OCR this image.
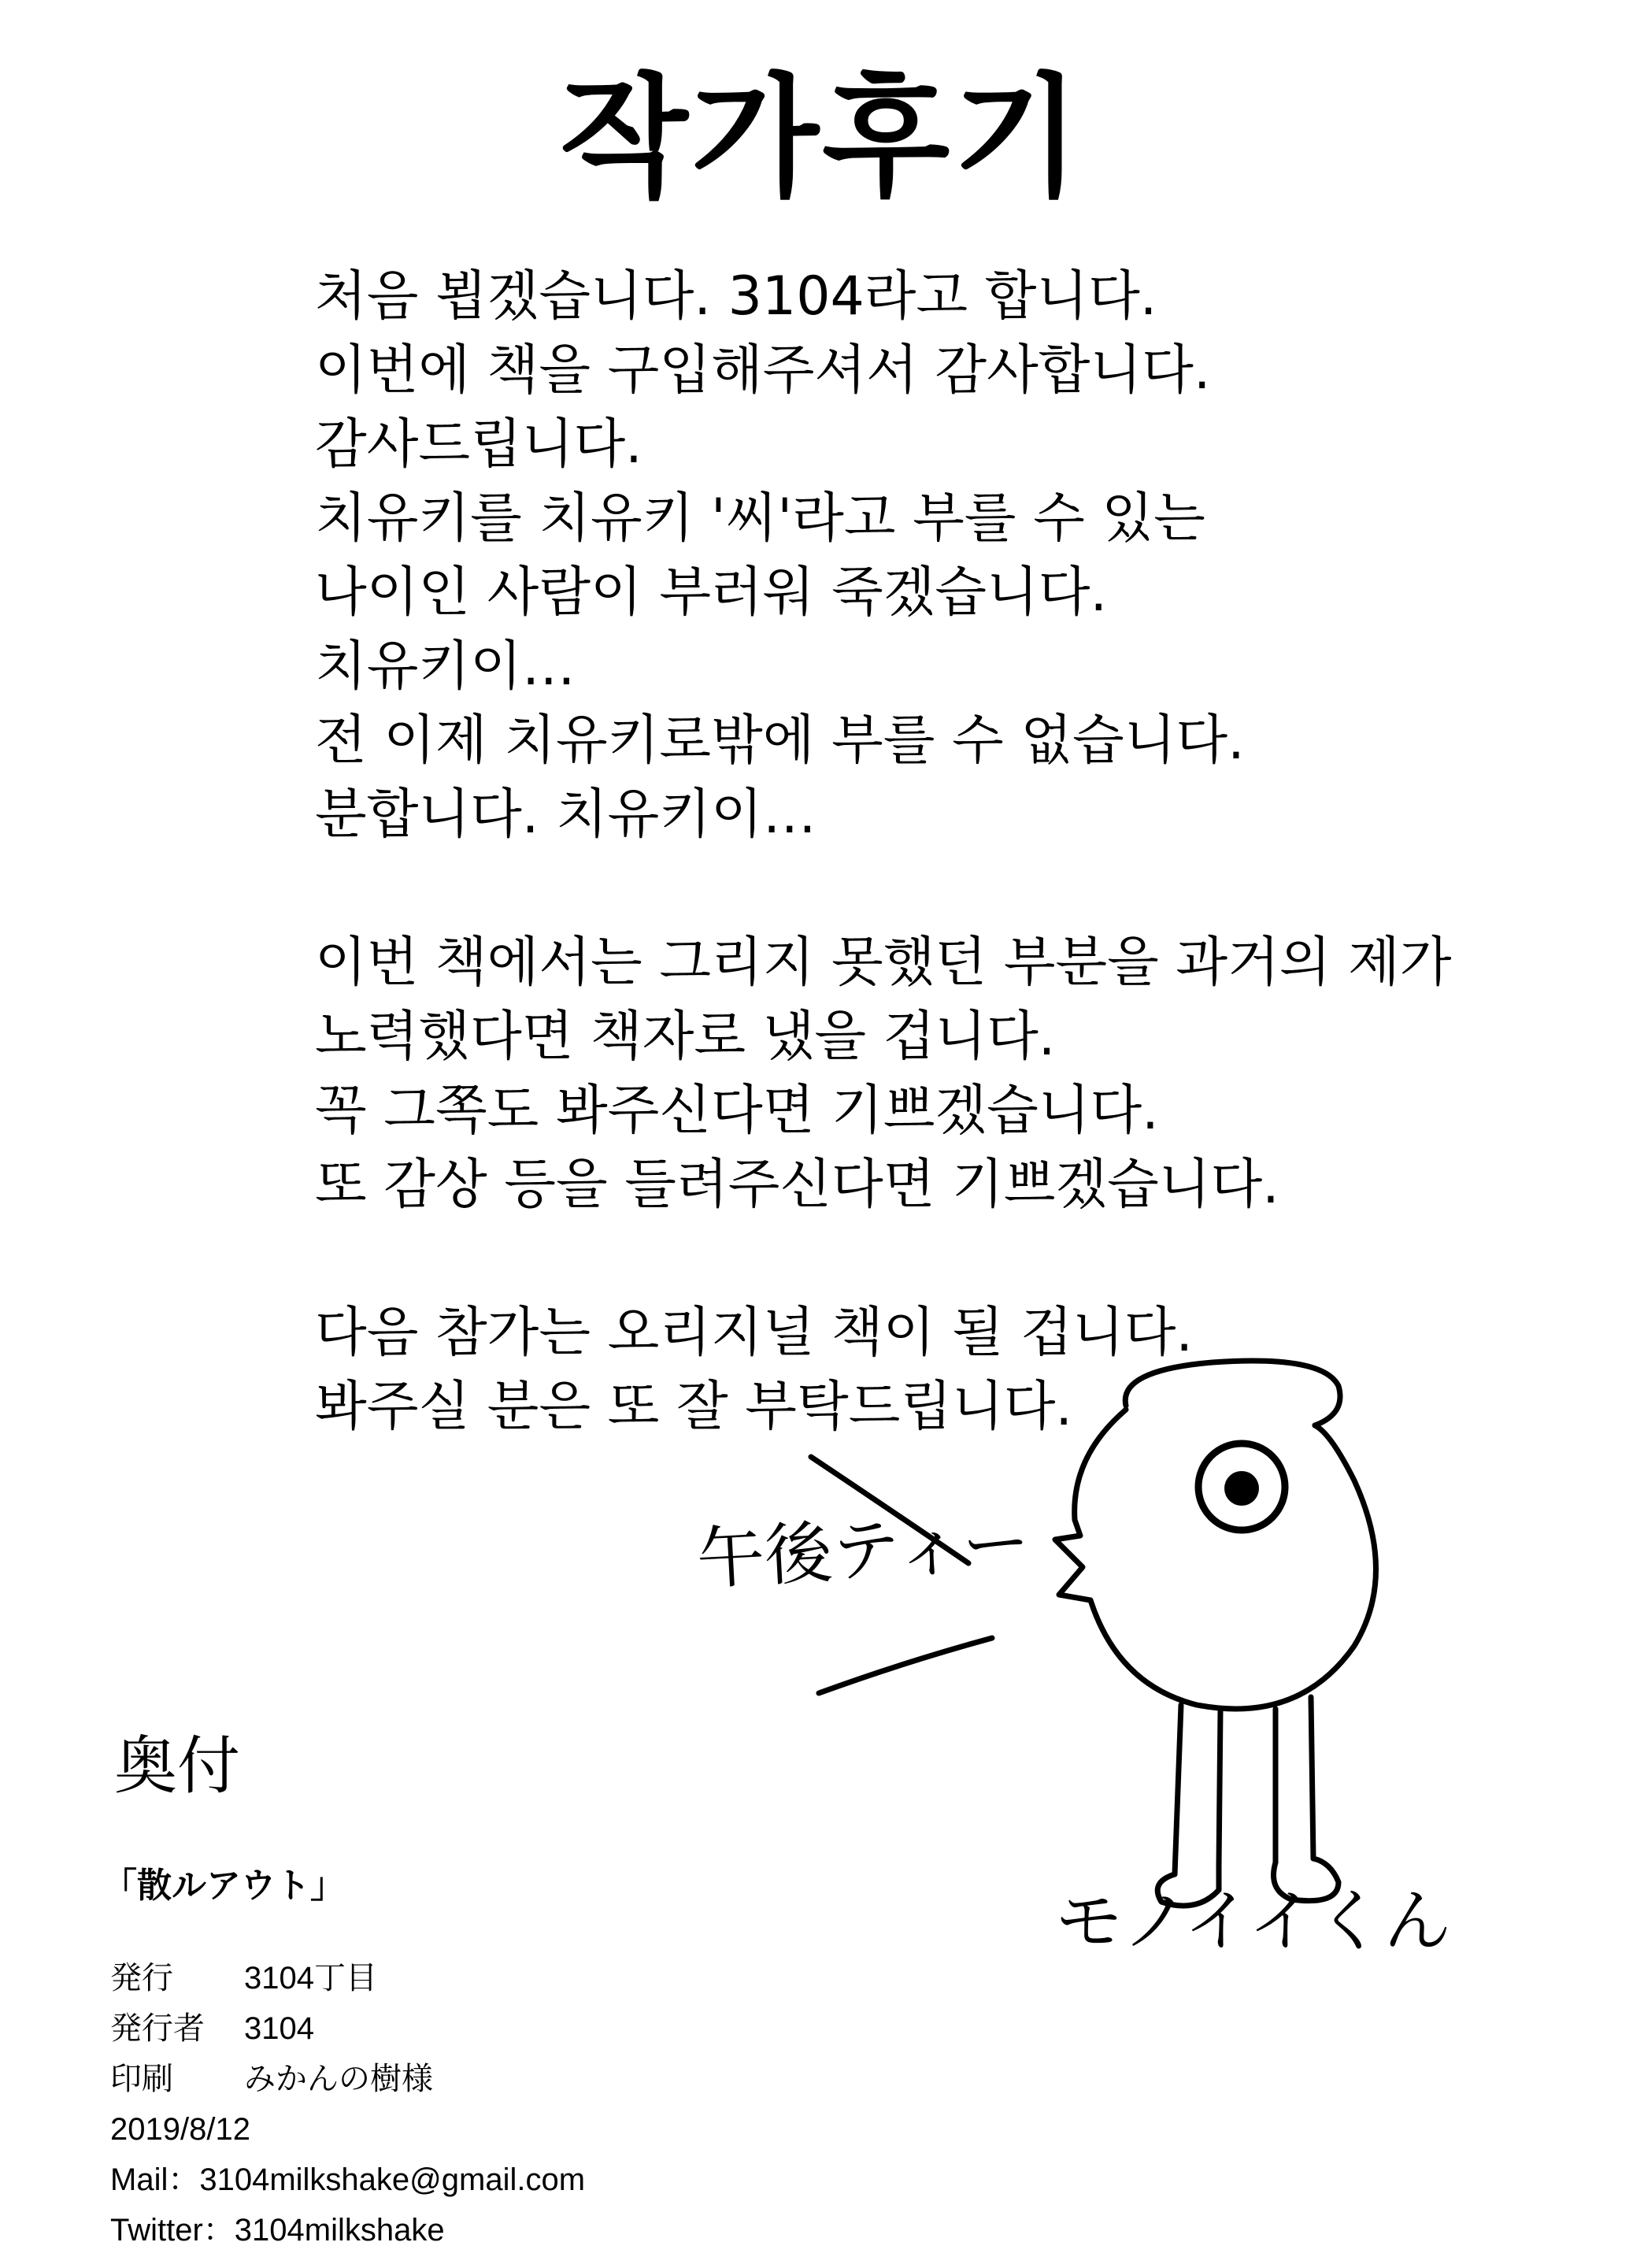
작가후기
처음 뵙겠습니다. 3104라고 합니다.
이번에 책을 구입해주셔서 감사합니다.
감사드립니다.
치유키를 치유키 '씨'라고 부를 수 있는
나이인 사람이 부러워 죽겠습니다.
치유키이…
전 이제 치유키로밖에 부를 수 없습니다.
분합니다. 치유키이…
이번 책에서는 그리지 못했던 부분을 과거의 제가
노력했다면 책자로 냈을 겁니다.
꼭 그쪽도 봐주신다면 기쁘겠습니다.
또 감상 등을 들려주신다면 기쁘겠습니다.
다음 참가는 오리지널 책이 될 겁니다.
봐주실 분은 또 잘 부탁드립니다.
午後ティー
モノイイくん
奥付
「散ルアウト」
発行 3104丁目
発行者 3104
印刷 みかんの樹様
2019/8/12
Mail：3104milkshake@gmail.com
Twitter：3104milkshake
